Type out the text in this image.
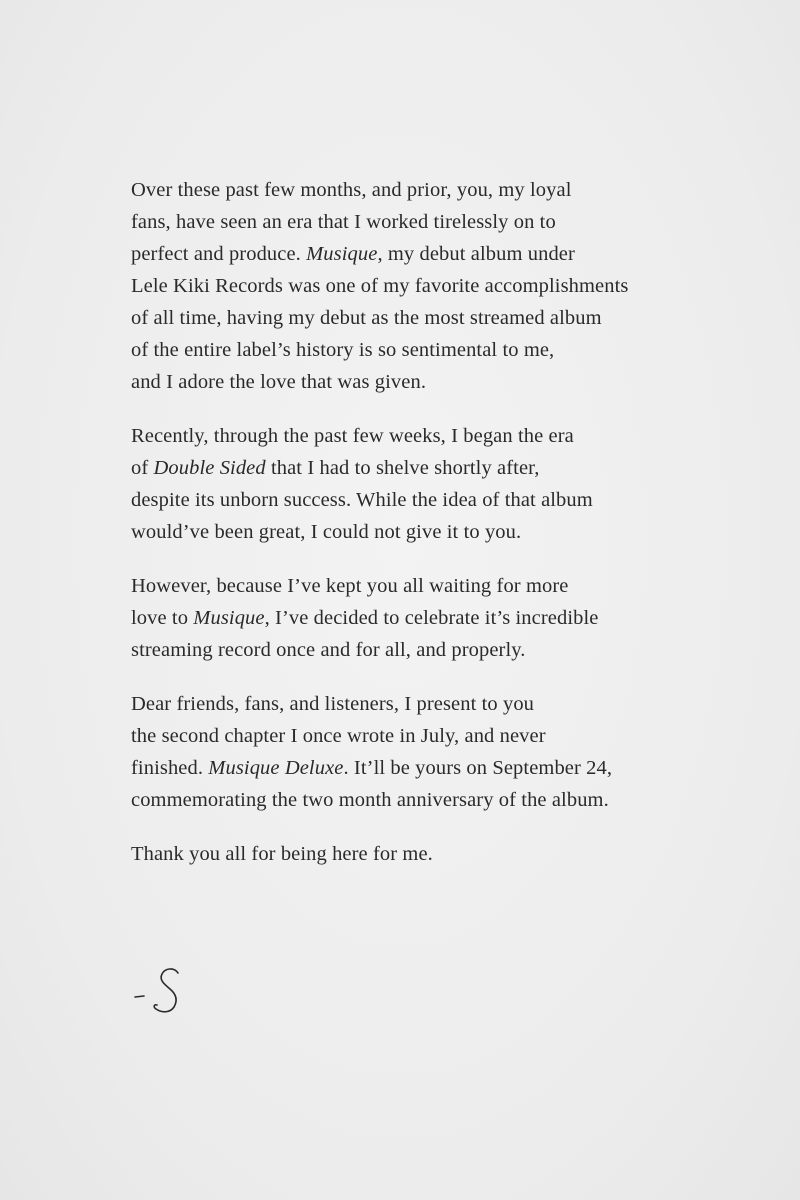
Over these past few months, and prior, you, my loyal
fans, have seen an era that I worked tirelessly on to
perfect and produce. Musique, my debut album under
Lele Kiki Records was one of my favorite accomplishments
of all time, having my debut as the most streamed album
of the entire label’s history is so sentimental to me,
and I adore the love that was given.
Recently, through the past few weeks, I began the era
of Double Sided that I had to shelve shortly after,
despite its unborn success. While the idea of that album
would’ve been great, I could not give it to you.
However, because I’ve kept you all waiting for more
love to Musique, I’ve decided to celebrate it’s incredible
streaming record once and for all, and properly.
Dear friends, fans, and listeners, I present to you
the second chapter I once wrote in July, and never
finished. Musique Deluxe. It’ll be yours on September 24,
commemorating the two month anniversary of the album.
Thank you all for being here for me.
